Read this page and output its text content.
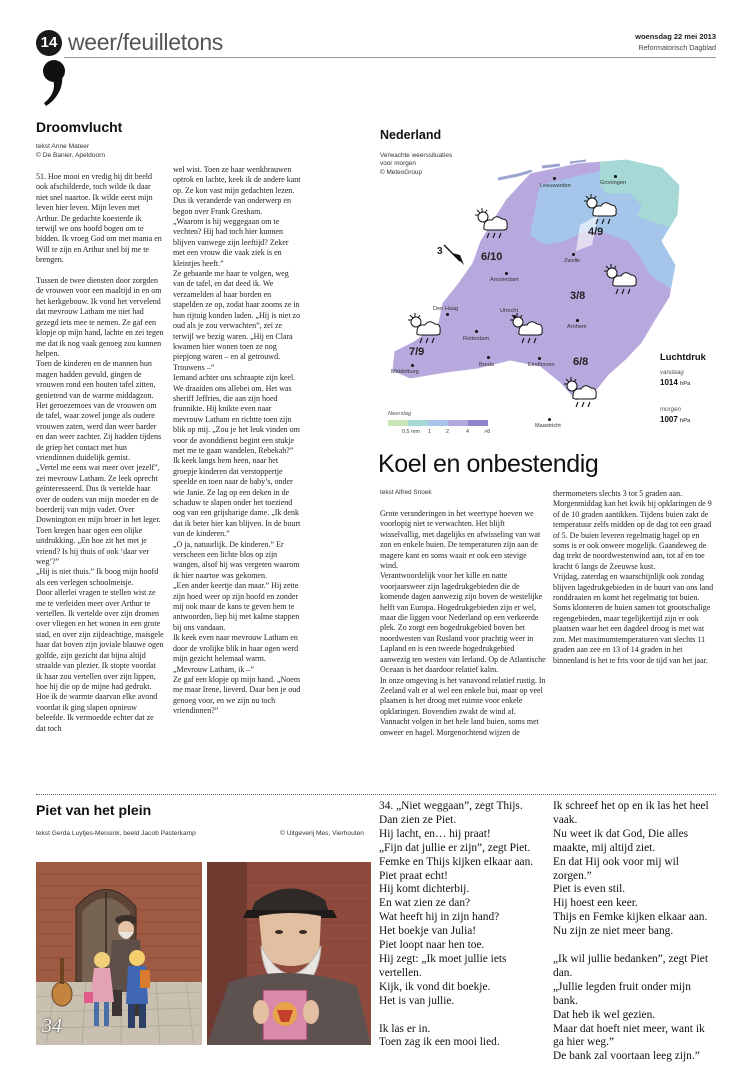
14 weer/feuilletons	woensdag 22 mei 2013
Reformatorisch Dagblad
Droomvlucht
tekst Anne Mateer
© De Banier, Apeldoorn
51. Hoe mooi en vredig hij dit beeld ook afschilderde, toch wilde ik daar niet snel naartoe. Ik wilde eerst mijn leven hier leven. Mijn leven met Arthur. De gedachte koesterde ik terwijl we ons hoofd bogen om te bidden. Ik vroeg God om met mama en Will te zijn en Arthur snel bij me te brengen.

Tussen de twee diensten door zorgden de vrouwen voor een maaltijd in en om het kerkgebouw. Ik vond het vervelend dat mevrouw Latham me niet had gezegd iets mee te nemen. Ze gaf een klopje op mijn hand, lachte en zei tegen me dat ik nog vaak genoeg zou kunnen helpen.
Toen de kinderen en de mannen hun magen hadden gevuld, gingen de vrouwen rond een houten tafel zitten, genietend van de warme middagzon. Het geroezemoes van de vrouwen om de tafel, waar zowel jonge als oudere vrouwen zaten, werd dan weer harder en dan weer zachter. Zij hadden tijdens de griep het contact met hun vriendinnen duidelijk gemist.
„Vertel me eens wat meer over jezelf”, zei mevrouw Latham. Ze leek oprecht geïnteresseerd. Dus ik vertelde haar over de ouders van mijn moeder en de boerderij van mijn vader. Over Downington en mijn broer in het leger.
Toen kregen haar ogen een olijke uitdrukking. „En hoe zit het met je vriend? Is hij thuis of ook ‘daar ver weg’?”
„Hij is niet thuis.” Ik boog mijn hoofd als een verlegen schoolmeisje.
Door allerlei vragen te stellen wist ze me te verleiden meer over Arthur te vertellen. Ik vertelde over zijn dromen over vliegen en het wonen in een grote stad, en over zijn zijdeachtige, maisgele haar dat boven zijn joviale blauwe ogen golfde, zijn gezicht dat bijna altijd straalde van plezier. Ik stopte voordat ik haar zou vertellen over zijn lippen, hoe hij die op de mijne had gedrukt. Hoe ik de warmte daarvan elke avond voordat ik ging slapen opnieuw beleefde. Ik vermoedde echter dat ze dat toch
wel wist. Toen ze haar wenkbrauwen optrok en lachte, keek ik de andere kant op. Ze kon vast mijn gedachten lezen. Dus ik veranderde van onderwerp en begon over Frank Gresham.
„Waarom is hij weggegaan om te vechten? Hij had toch hier kunnen blijven vanwege zijn leeftijd? Zeker met een vrouw die vaak ziek is en kleintjes heeft.”
Ze gebaarde me haar te volgen, weg van de tafel, en dat deed ik. We verzamelden al haar borden en stapelden ze op, zodat haar zooms ze in hun rijtuig konden laden. „Hij is niet zo oud als je zou verwachten”, zei ze terwijl we bezig waren. „Hij en Clara kwamen hier wonen toen ze nog piepjong waren – en al getrouwd. Trouwens –”
Iemand achter ons schraapte zijn keel. We draaiden ons allebei om. Het was sheriff Jeffries, die aan zijn hoed frunnikte. Hij knikte even naar mevrouw Latham en richtte toen zijn blik op mij. „Zou je het leuk vinden om voor de avonddienst begint een stukje met me te gaan wandelen, Rebekah?”
Ik keek langs hem heen, naar het groepje kinderen dat verstoppertje speelde en toen naar de baby’s, onder wie Janie. Ze lag op een deken in de schaduw te slapen onder het toeziend oog van een grijsharige dame. „Ik denk dat ik beter hier kan blijven. In de buurt van de kinderen.”
„O ja, natuurlijk. De kinderen.” Er verscheen een lichte blos op zijn wangen, alsof hij was vergeten waarom ik hier naartoe was gekomen.
„Een ander keertje dan maar.” Hij zette zijn hoed weer op zijn hoofd en zonder mij ook maar de kans te geven hem te antwoorden, liep hij met kalme stappen bij ons vandaan.
Ik keek even naar mevrouw Latham en door de vrolijke blik in haar ogen werd mijn gezicht helemaal warm.
„Mevrouw Latham, ik –”
Ze gaf een klopje op mijn hand. „Noem me maar Irene, lieverd. Daar ben je oud genoeg voor, en we zijn nu toch vriendinnen?”
Nederland
Verwachte weerssituaties
voor morgen
© MeteoGroup
Leeuwarden	Groningen
Zwolle
Amsterdam
Den Haag	Utrecht
Rotterdam
Arnhem
Breda	Eindhoven
Middelburg
Maastricht
6/10
4/9
3/8
7/9
6/8
3
Neerslag
0,5 mm 1	2	4	>8
Luchtdruk
vandaag
1014 hPa
morgen
1007 hPa
Koel en onbestendig
tekst Alfred Snoek
Grote veranderingen in het weertype hoeven we voorlopig niet te verwachten. Het blijft wisselvallig, met dagelijks en afwisseling van wat zon en enkele buien. De temperaturen zijn aan de magere kant en soms waait er ook een stevige wind.
Verantwoordelijk voor het kille en natte voorjaarsweer zijn lagedrukgebieden die de komende dagen aanwezig zijn boven de westelijke helft van Europa. Hogedrukgebieden zijn er wel, maar die liggen voor Nederland op een verkeerde plek. Zo zorgt een hogedrukgebied boven het noordwesten van Rusland voor prachtig weer in Lapland en is een tweede hogedrukgebied aanwezig ten westen van Ierland. Op de Atlantische Oceaan is het daardoor relatief kalm.
In onze omgeving is het vanavond relatief rustig. In Zeeland valt er al wel een enkele bui, maar op veel plaatsen is het droog met ruimte voor enkele opklaringen. Bovendien zwakt de wind af. Vannacht volgen in het hele land buien, soms met onweer en hagel. Morgenochtend wijzen de
thermometers slechts 3 tot 5 graden aan.
Morgenmiddag kan het kwik bij opklaringen de 9 of de 10 graden aantikken. Tijdens buien zakt de temperatuur zelfs midden op de dag tot een graad of 5. De buien leveren regelmatig hagel op en soms is er ook onweer mogelijk. Gaandeweg de dag trekt de noordwestenwind aan, tot af en toe kracht 6 langs de Zeeuwse kust.
Vrijdag, zaterdag en waarschijnlijk ook zondag blijven lagedrukgebieden in de buurt van ons land ronddraaien en komt het regelmatig tot buien. Soms klonteren de buien samen tot grootschalige regengebieden, maar tegelijkertijd zijn er ook plaatsen waar het een dagdeel droog is met wat zon. Met maximumtemperaturen van slechts 11 graden aan zee en 13 of 14 graden in het binnenland is het te fris voor de tijd van het jaar.
Piet van het plein
tekst Gerda Luytjes-Mensink, beeld Jacob Pasterkamp	© Uitgeverij Mes, Vierhouten
34
34. „Niet weggaan”, zegt Thijs.
Dan zien ze Piet.
Hij lacht, en… hij praat!
„Fijn dat jullie er zijn”, zegt Piet.
Femke en Thijs kijken elkaar aan.
Piet praat echt!
Hij komt dichterbij.
En wat zien ze dan?
Wat heeft hij in zijn hand?
Het boekje van Julia!
Piet loopt naar hen toe.
Hij zegt: „Ik moet jullie iets vertellen.
Kijk, ik vond dit boekje.
Het is van jullie.

Ik las er in.
Toen zag ik een mooi lied.
Ik schreef het op en ik las het heel vaak.
Nu weet ik dat God, Die alles maakte, mij altijd ziet.
En dat Hij ook voor mij wil zorgen.”
Piet is even stil.
Hij hoest een keer.
Thijs en Femke kijken elkaar aan.
Nu zijn ze niet meer bang.

„Ik wil jullie bedanken”, zegt Piet dan.
„Jullie legden fruit onder mijn bank.
Dat heb ik wel gezien.
Maar dat hoeft niet meer, want ik ga hier weg.”
De bank zal voortaan leeg zijn.”
